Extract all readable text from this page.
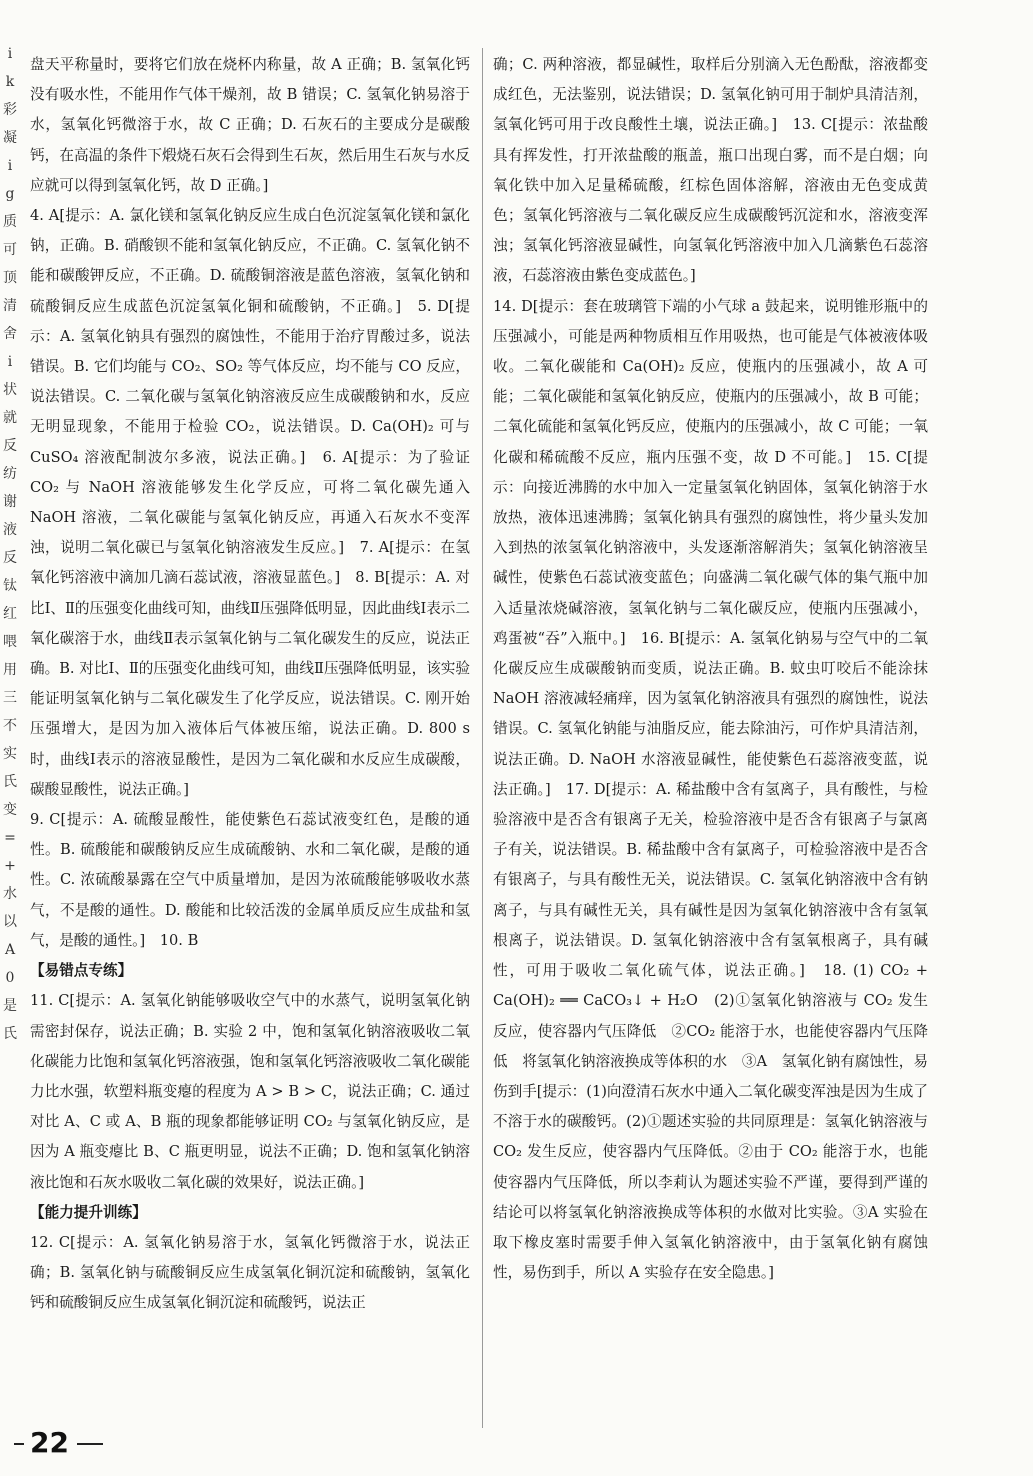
i
k
彩
凝
i
g
质
可
顶
清
舍
i
状
就
反
纺
谢
液
反
钛
红
喂
用
三
不
实
氏
变
=
+
水
以
A
0
是
氏

盘天平称量时，要将它们放在烧杯内称量，故 A 正确；B. 氢氧化钙没有吸水性，不能用作气体干燥剂，故 B 错误；C. 氢氧化钠易溶于水，氢氧化钙微溶于水，故 C 正确；D. 石灰石的主要成分是碳酸钙，在高温的条件下煅烧石灰石会得到生石灰，然后用生石灰与水反应就可以得到氢氧化钙，故 D 正确。]

4. A[提示：A. 氯化镁和氢氧化钠反应生成白色沉淀氢氧化镁和氯化钠，正确。B. 硝酸钡不能和氢氧化钠反应，不正确。C. 氢氧化钠不能和碳酸钾反应，不正确。D. 硫酸铜溶液是蓝色溶液，氢氧化钠和硫酸铜反应生成蓝色沉淀氢氧化铜和硫酸钠，不正确。]　5. D[提示：A. 氢氧化钠具有强烈的腐蚀性，不能用于治疗胃酸过多，说法错误。B. 它们均能与 CO₂、SO₂ 等气体反应，均不能与 CO 反应，说法错误。C. 二氧化碳与氢氧化钠溶液反应生成碳酸钠和水，反应无明显现象，不能用于检验 CO₂，说法错误。D. Ca(OH)₂ 可与 CuSO₄ 溶液配制波尔多液，说法正确。]　6. A[提示：为了验证 CO₂ 与 NaOH 溶液能够发生化学反应，可将二氧化碳先通入 NaOH 溶液，二氧化碳能与氢氧化钠反应，再通入石灰水不变浑浊，说明二氧化碳已与氢氧化钠溶液发生反应。]　7. A[提示：在氢氧化钙溶液中滴加几滴石蕊试液，溶液显蓝色。]　8. B[提示：A. 对比Ⅰ、Ⅱ的压强变化曲线可知，曲线Ⅱ压强降低明显，因此曲线Ⅰ表示二氧化碳溶于水，曲线Ⅱ表示氢氧化钠与二氧化碳发生的反应，说法正确。B. 对比Ⅰ、Ⅱ的压强变化曲线可知，曲线Ⅱ压强降低明显，该实验能证明氢氧化钠与二氧化碳发生了化学反应，说法错误。C. 刚开始压强增大，是因为加入液体后气体被压缩，说法正确。D. 800 s 时，曲线Ⅰ表示的溶液显酸性，是因为二氧化碳和水反应生成碳酸，碳酸显酸性，说法正确。]

9. C[提示：A. 硫酸显酸性，能使紫色石蕊试液变红色，是酸的通性。B. 硫酸能和碳酸钠反应生成硫酸钠、水和二氧化碳，是酸的通性。C. 浓硫酸暴露在空气中质量增加，是因为浓硫酸能够吸收水蒸气，不是酸的通性。D. 酸能和比较活泼的金属单质反应生成盐和氢气，是酸的通性。]　10. B

【易错点专练】

11. C[提示：A. 氢氧化钠能够吸收空气中的水蒸气，说明氢氧化钠需密封保存，说法正确；B. 实验 2 中，饱和氢氧化钠溶液吸收二氧化碳能力比饱和氢氧化钙溶液强，饱和氢氧化钙溶液吸收二氧化碳能力比水强，软塑料瓶变瘪的程度为 A > B > C，说法正确；C. 通过对比 A、C 或 A、B 瓶的现象都能够证明 CO₂ 与氢氧化钠反应，是因为 A 瓶变瘪比 B、C 瓶更明显，说法不正确；D. 饱和氢氧化钠溶液比饱和石灰水吸收二氧化碳的效果好，说法正确。]

【能力提升训练】

12. C[提示：A. 氢氧化钠易溶于水，氢氧化钙微溶于水，说法正确；B. 氢氧化钠与硫酸铜反应生成氢氧化铜沉淀和硫酸钠，氢氧化钙和硫酸铜反应生成氢氧化铜沉淀和硫酸钙，说法正

确；C. 两种溶液，都显碱性，取样后分别滴入无色酚酞，溶液都变成红色，无法鉴别，说法错误；D. 氢氧化钠可用于制炉具清洁剂，氢氧化钙可用于改良酸性土壤，说法正确。]　13. C[提示：浓盐酸具有挥发性，打开浓盐酸的瓶盖，瓶口出现白雾，而不是白烟；向氧化铁中加入足量稀硫酸，红棕色固体溶解，溶液由无色变成黄色；氢氧化钙溶液与二氧化碳反应生成碳酸钙沉淀和水，溶液变浑浊；氢氧化钙溶液显碱性，向氢氧化钙溶液中加入几滴紫色石蕊溶液，石蕊溶液由紫色变成蓝色。]

14. D[提示：套在玻璃管下端的小气球 a 鼓起来，说明锥形瓶中的压强减小，可能是两种物质相互作用吸热，也可能是气体被液体吸收。二氧化碳能和 Ca(OH)₂ 反应，使瓶内的压强减小，故 A 可能；二氧化碳能和氢氧化钠反应，使瓶内的压强减小，故 B 可能；二氧化硫能和氢氧化钙反应，使瓶内的压强减小，故 C 可能；一氧化碳和稀硫酸不反应，瓶内压强不变，故 D 不可能。]　15. C[提示：向接近沸腾的水中加入一定量氢氧化钠固体，氢氧化钠溶于水放热，液体迅速沸腾；氢氧化钠具有强烈的腐蚀性，将少量头发加入到热的浓氢氧化钠溶液中，头发逐渐溶解消失；氢氧化钠溶液呈碱性，使紫色石蕊试液变蓝色；向盛满二氧化碳气体的集气瓶中加入适量浓烧碱溶液，氢氧化钠与二氧化碳反应，使瓶内压强减小，鸡蛋被“吞”入瓶中。]　16. B[提示：A. 氢氧化钠易与空气中的二氧化碳反应生成碳酸钠而变质，说法正确。B. 蚊虫叮咬后不能涂抹 NaOH 溶液减轻痛痒，因为氢氧化钠溶液具有强烈的腐蚀性，说法错误。C. 氢氧化钠能与油脂反应，能去除油污，可作炉具清洁剂，说法正确。D. NaOH 水溶液显碱性，能使紫色石蕊溶液变蓝，说法正确。]　17. D[提示：A. 稀盐酸中含有氢离子，具有酸性，与检验溶液中是否含有银离子无关，检验溶液中是否含有银离子与氯离子有关，说法错误。B. 稀盐酸中含有氯离子，可检验溶液中是否含有银离子，与具有酸性无关，说法错误。C. 氢氧化钠溶液中含有钠离子，与具有碱性无关，具有碱性是因为氢氧化钠溶液中含有氢氧根离子，说法错误。D. 氢氧化钠溶液中含有氢氧根离子，具有碱性，可用于吸收二氧化硫气体，说法正确。]　18. (1) CO₂ + Ca(OH)₂ ══ CaCO₃↓ + H₂O　(2)①氢氧化钠溶液与 CO₂ 发生反应，使容器内气压降低　②CO₂ 能溶于水，也能使容器内气压降低　将氢氧化钠溶液换成等体积的水　③A　氢氧化钠有腐蚀性，易伤到手[提示：(1)向澄清石灰水中通入二氧化碳变浑浊是因为生成了不溶于水的碳酸钙。(2)①题述实验的共同原理是：氢氧化钠溶液与 CO₂ 发生反应，使容器内气压降低。②由于 CO₂ 能溶于水，也能使容器内气压降低，所以李莉认为题述实验不严谨，要得到严谨的结论可以将氢氧化钠溶液换成等体积的水做对比实验。③A 实验在取下橡皮塞时需要手伸入氢氧化钠溶液中，由于氢氧化钠有腐蚀性，易伤到手，所以 A 实验存在安全隐患。]

22
